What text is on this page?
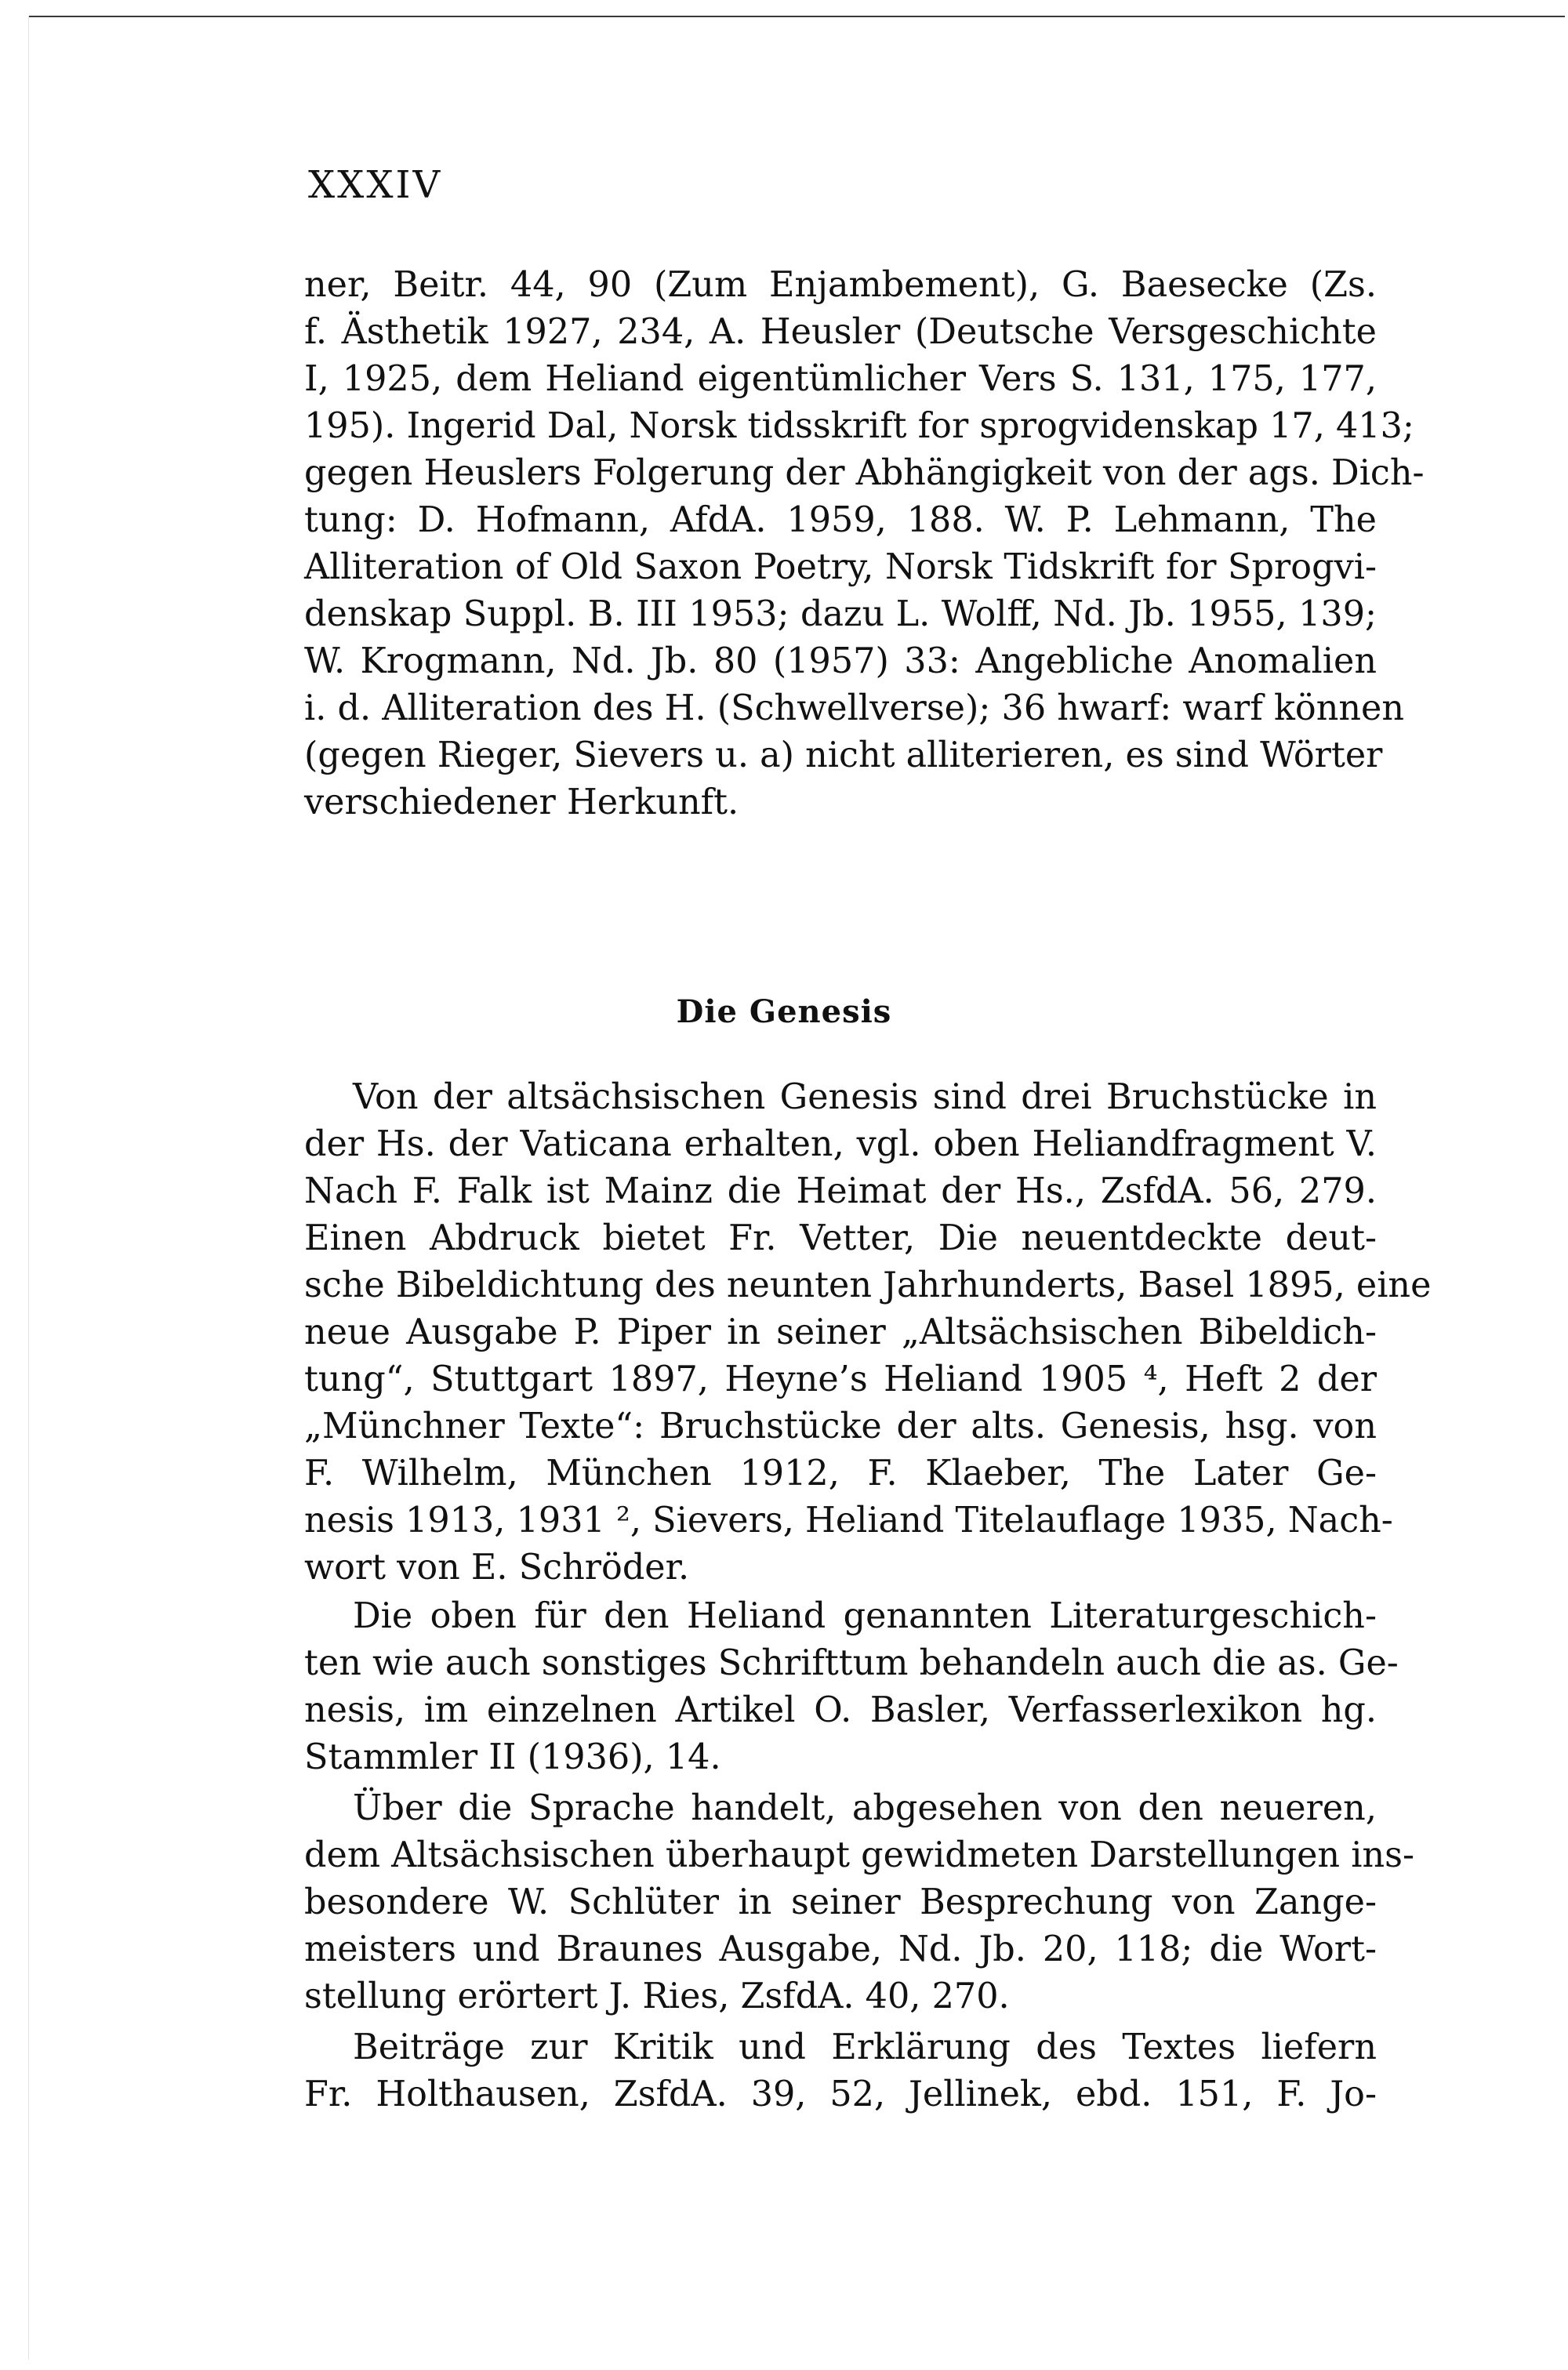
XXXIV
ner, Beitr. 44, 90 (Zum Enjambement), G. Baesecke (Zs.
f. Ästhetik 1927, 234, A. Heusler (Deutsche Versgeschichte
I, 1925, dem Heliand eigentümlicher Vers S. 131, 175, 177,
195). Ingerid Dal, Norsk tidsskrift for sprogvidenskap 17, 413;
gegen Heuslers Folgerung der Abhängigkeit von der ags. Dich-
tung: D. Hofmann, AfdA. 1959, 188. W. P. Lehmann, The
Alliteration of Old Saxon Poetry, Norsk Tidskrift for Sprogvi-
denskap Suppl. B. III 1953; dazu L. Wolff, Nd. Jb. 1955, 139;
W. Krogmann, Nd. Jb. 80 (1957) 33: Angebliche Anomalien
i. d. Alliteration des H. (Schwellverse); 36 hwarf: warf können
(gegen Rieger, Sievers u. a) nicht alliterieren, es sind Wörter
verschiedener Herkunft.
Die Genesis
Von der altsächsischen Genesis sind drei Bruchstücke in
der Hs. der Vaticana erhalten, vgl. oben Heliandfragment V.
Nach F. Falk ist Mainz die Heimat der Hs., ZsfdA. 56, 279.
Einen Abdruck bietet Fr. Vetter, Die neuentdeckte deut-
sche Bibeldichtung des neunten Jahrhunderts, Basel 1895, eine
neue Ausgabe P. Piper in seiner „Altsächsischen Bibeldich-
tung“, Stuttgart 1897, Heyne’s Heliand 1905 ⁴, Heft 2 der
„Münchner Texte“: Bruchstücke der alts. Genesis, hsg. von
F. Wilhelm, München 1912, F. Klaeber, The Later Ge-
nesis 1913, 1931 ², Sievers, Heliand Titelauflage 1935, Nach-
wort von E. Schröder.
Die oben für den Heliand genannten Literaturgeschich-
ten wie auch sonstiges Schrifttum behandeln auch die as. Ge-
nesis, im einzelnen Artikel O. Basler, Verfasserlexikon hg.
Stammler II (1936), 14.
Über die Sprache handelt, abgesehen von den neueren,
dem Altsächsischen überhaupt gewidmeten Darstellungen ins-
besondere W. Schlüter in seiner Besprechung von Zange-
meisters und Braunes Ausgabe, Nd. Jb. 20, 118; die Wort-
stellung erörtert J. Ries, ZsfdA. 40, 270.
Beiträge zur Kritik und Erklärung des Textes liefern
Fr. Holthausen, ZsfdA. 39, 52, Jellinek, ebd. 151, F. Jo-
